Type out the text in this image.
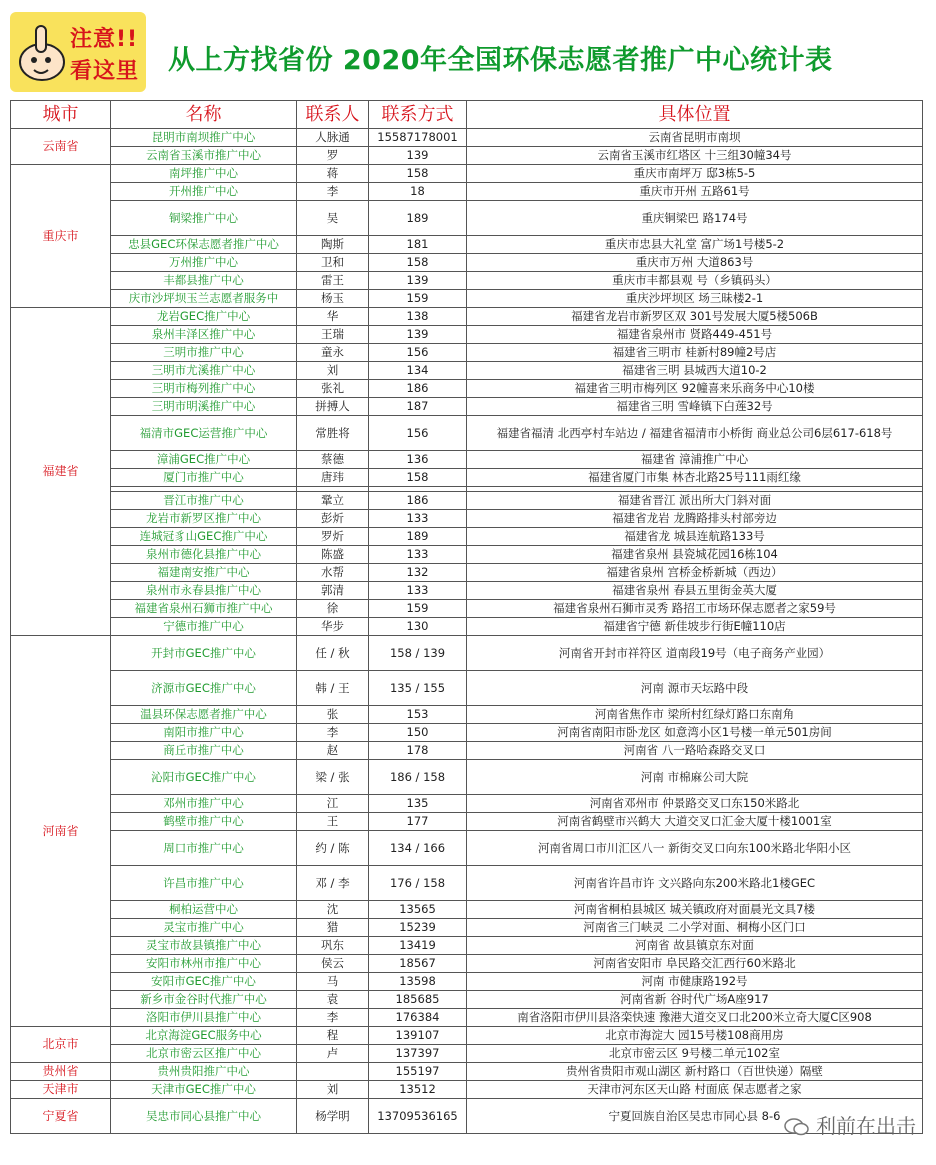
注意!!
看这里 从上方找省份 2020年全国环保志愿者推广中心统计表
城市	名称	联系人	联系方式	具体位置
云南省	昆明市南坝推广中心	人脉通	15587178001	云南省昆明市南坝
	云南省玉溪市推广中心	罗	139	云南省玉溪市红塔区 十三组30幢34号
重庆市	南坪推广中心	蒋	158	重庆市南坪万 邸3栋5-5
	开州推广中心	李	18	重庆市开州 五路61号
	铜梁推广中心	吴	189	重庆铜梁巴 路174号
	忠县GEC环保志愿者推广中心	陶斯	181	重庆市忠县大礼堂 富广场1号楼5-2
	万州推广中心	卫和	158	重庆市万州 大道863号
	丰都县推广中心	雷王	139	重庆市丰都县观 号（乡镇码头）
	庆市沙坪坝玉兰志愿者服务中	杨玉	159	重庆沙坪坝区 场三昧楼2-1
福建省	龙岩GEC推广中心	华	138	福建省龙岩市新罗区双 301号发展大厦5楼506B
	泉州丰泽区推广中心	王瑞	139	福建省泉州市 贤路449-451号
	三明市推广中心	童永	156	福建省三明市 桂新村89幢2号店
	三明市尤溪推广中心	刘	134	福建省三明 县城西大道10-2
	三明市梅列推广中心	张礼	186	福建省三明市梅列区 92幢喜来乐商务中心10楼
	三明市明溪推广中心	拼搏人	187	福建省三明 雪峰镇下白莲32号
	福清市GEC运营推广中心	常胜将	156	福建省福清 北西亭村车站边 / 福建省福清市小桥街 商业总公司6层617-618号
	漳浦GEC推广中心	蔡德	136	福建省 漳浦推广中心
	厦门市推广中心	唐玮	158	福建省厦门市集 林杏北路25号111雨红缘

	晋江市推广中心	鞏立	186	福建省晋江 派出所大门斜对面
	龙岩市新罗区推广中心	彭炘	133	福建省龙岩 龙腾路排头村部旁边
	连城冠豸山GEC推广中心	罗炘	189	福建省龙 城县连航路133号
	泉州市德化县推广中心	陈盛	133	福建省泉州 县瓷城花园16栋104
	福建南安推广中心	水帮	132	福建省泉州 宫桥金桥新城（西边）
	泉州市永春县推广中心	郭清	133	福建省泉州 春县五里街金英大厦
	福建省泉州石狮市推广中心	徐	159	福建省泉州石狮市灵秀 路招工市场环保志愿者之家59号
	宁德市推广中心	华步	130	福建省宁德 新佳坡步行街E幢110店
河南省	开封市GEC推广中心	任 / 秋	158 / 139	河南省开封市祥符区 道南段19号（电子商务产业园）
	济源市GEC推广中心	韩 / 王	135 / 155	河南 源市天坛路中段
	温县环保志愿者推广中心	张	153	河南省焦作市 梁所村红绿灯路口东南角
	南阳市推广中心	李	150	河南省南阳市卧龙区 如意湾小区1号楼一单元501房间
	商丘市推广中心	赵	178	河南省 八一路哈森路交叉口
	沁阳市GEC推广中心	梁 / 张	186 / 158	河南 市棉麻公司大院
	邓州市推广中心	江	135	河南省邓州市 仲景路交叉口东150米路北
	鹤壁市推广中心	王	177	河南省鹤壁市兴鹤大 大道交叉口汇金大厦十楼1001室
	周口市推广中心	约 / 陈	134 / 166	河南省周口市川汇区八一 新街交叉口向东100米路北华阳小区
	许昌市推广中心	邓 / 李	176 / 158	河南省许昌市许 文兴路向东200米路北1楼GEC
	桐柏运营中心	沈	13565	河南省桐柏县城区 城关镇政府对面晨光文具7楼
	灵宝市推广中心	猎	15239	河南省三门峡灵 二小学对面、桐梅小区门口
	灵宝市故县镇推广中心	巩东	13419	河南省 故县镇京东对面
	安阳市林州市推广中心	侯云	18567	河南省安阳市 阜民路交汇西行60米路北
	安阳市GEC推广中心	马	13598	河南 市健康路192号
	新乡市金谷时代推广中心	袁	185685	河南省新 谷时代广场A座917
	洛阳市伊川县推广中心	李	176384	南省洛阳市伊川县洛栾快速 豫港大道交叉口北200米立奇大厦C区908
北京市	北京海淀GEC服务中心	程	139107	北京市海淀大 园15号楼108商用房
	北京市密云区推广中心	卢	137397	北京市密云区 9号楼二单元102室
贵州省	贵州贵阳推广中心		155197	贵州省贵阳市观山湖区 新村路口（百世快递）隔壁
天津市	天津市GEC推广中心	刘	13512	天津市河东区天山路 村面底 保志愿者之家
宁夏省	吴忠市同心县推广中心	杨学明	13709536165	宁夏回族自治区吴忠市同心县 8-6	利前在出击
